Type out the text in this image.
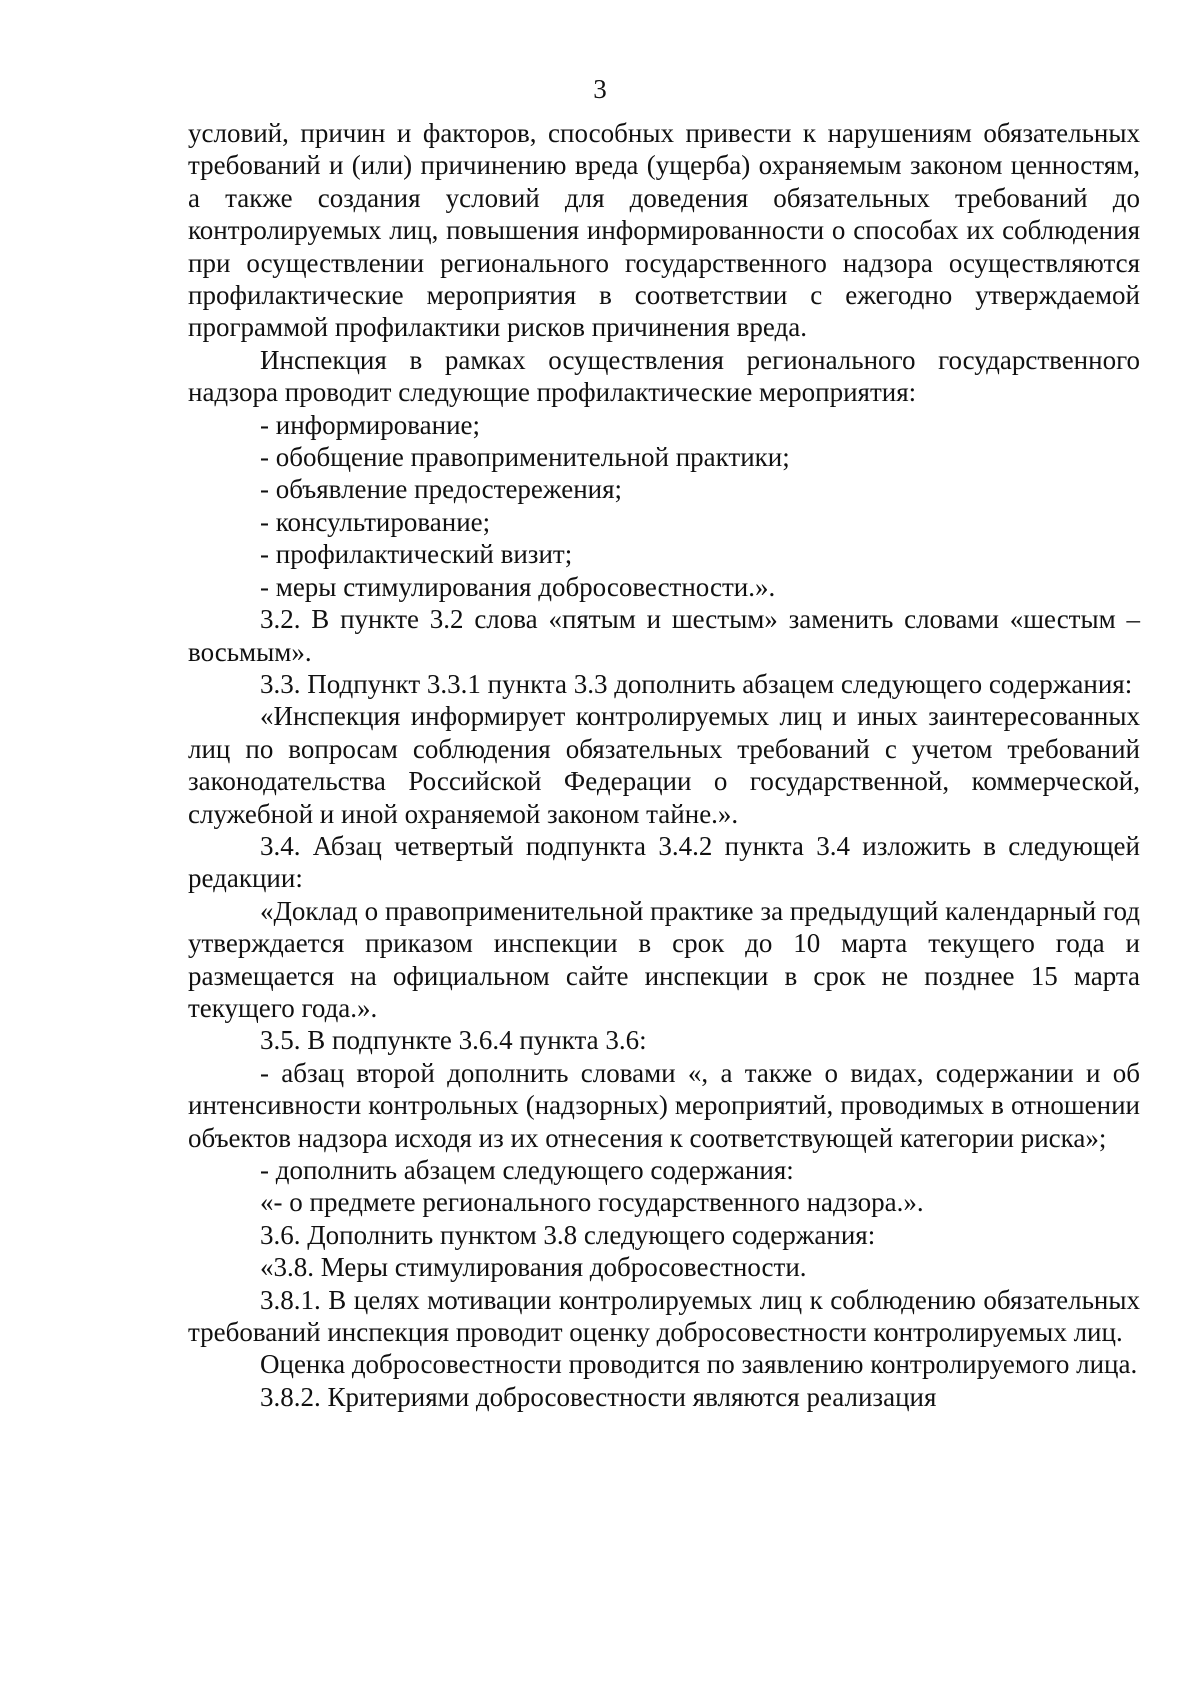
3

условий, причин и факторов, способных привести к нарушениям обязательных требований и (или) причинению вреда (ущерба) охраняемым законом ценностям, а также создания условий для доведения обязательных требований до контролируемых лиц, повышения информированности о способах их соблюдения при осуществлении регионального государственного надзора осуществляются профилактические мероприятия в соответствии с ежегодно утверждаемой программой профилактики рисков причинения вреда.

Инспекция в рамках осуществления регионального государственного надзора проводит следующие профилактические мероприятия:

- информирование;

- обобщение правоприменительной практики;

- объявление предостережения;

- консультирование;

- профилактический визит;

- меры стимулирования добросовестности.».

3.2. В пункте 3.2 слова «пятым и шестым» заменить словами «шестым – восьмым».

3.3. Подпункт 3.3.1 пункта 3.3 дополнить абзацем следующего содержания:

«Инспекция информирует контролируемых лиц и иных заинтересованных лиц по вопросам соблюдения обязательных требований с учетом требований законодательства Российской Федерации о государственной, коммерческой, служебной и иной охраняемой законом тайне.».

3.4. Абзац четвертый подпункта 3.4.2 пункта 3.4 изложить в следующей редакции:

«Доклад о правоприменительной практике за предыдущий календарный год утверждается приказом инспекции в срок до 10 марта текущего года и размещается на официальном сайте инспекции в срок не позднее 15 марта текущего года.».

3.5. В подпункте 3.6.4 пункта 3.6:

- абзац второй дополнить словами «, а также о видах, содержании и об интенсивности контрольных (надзорных) мероприятий, проводимых в отношении объектов надзора исходя из их отнесения к соответствующей категории риска»;

- дополнить абзацем следующего содержания:

«- о предмете регионального государственного надзора.».

3.6. Дополнить пунктом 3.8 следующего содержания:

«3.8. Меры стимулирования добросовестности.

3.8.1. В целях мотивации контролируемых лиц к соблюдению обязательных требований инспекция проводит оценку добросовестности контролируемых лиц.

Оценка добросовестности проводится по заявлению контролируемого лица.

3.8.2. Критериями добросовестности являются реализация
